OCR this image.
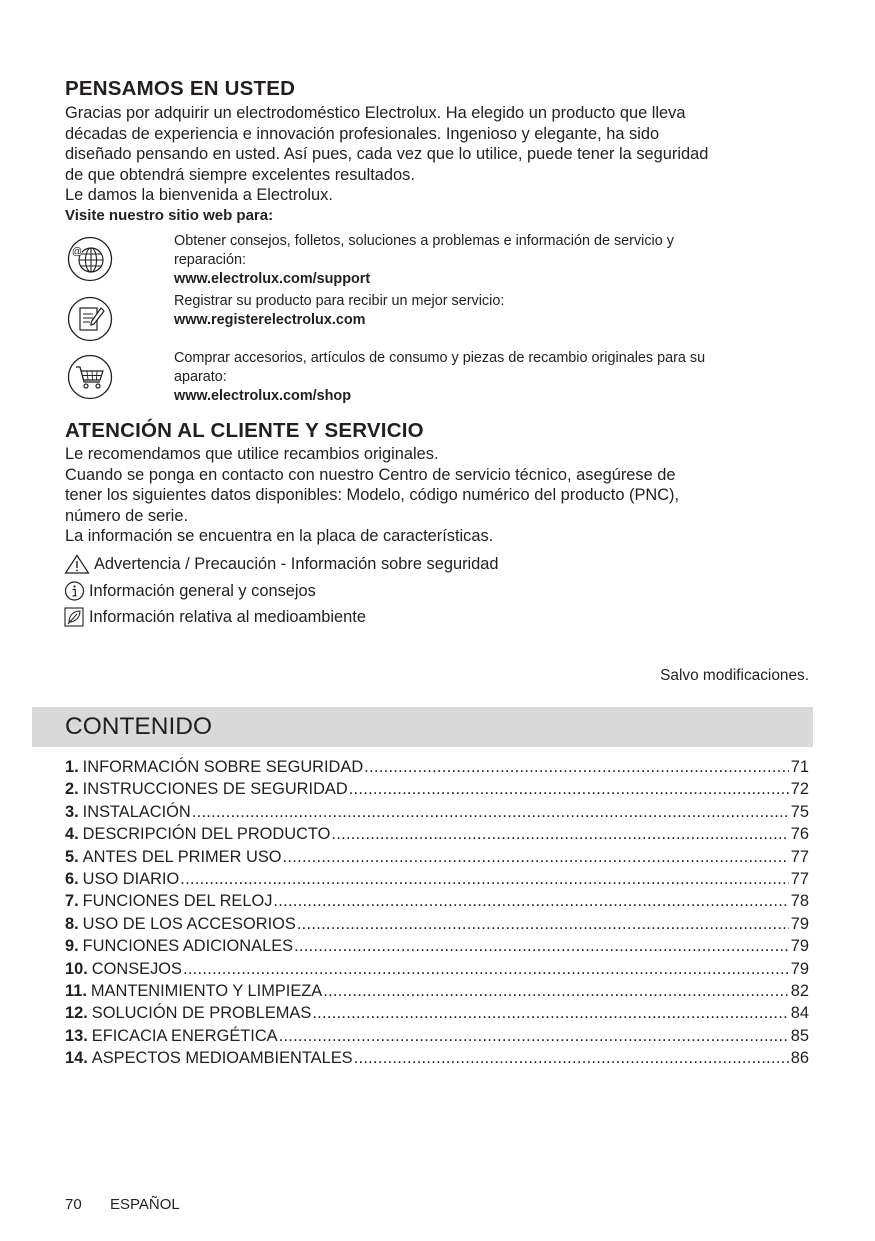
PENSAMOS EN USTED
Gracias por adquirir un electrodoméstico Electrolux. Ha elegido un producto que lleva
décadas de experiencia e innovación profesionales. Ingenioso y elegante, ha sido
diseñado pensando en usted. Así pues, cada vez que lo utilice, puede tener la seguridad
de que obtendrá siempre excelentes resultados.
Le damos la bienvenida a Electrolux.
Visite nuestro sitio web para:
@
Obtener consejos, folletos, soluciones a problemas e información de servicio y
reparación:
www.electrolux.com/support
Registrar su producto para recibir un mejor servicio:
www.registerelectrolux.com
Comprar accesorios, artículos de consumo y piezas de recambio originales para su
aparato:
www.electrolux.com/shop
ATENCIÓN AL CLIENTE Y SERVICIO
Le recomendamos que utilice recambios originales.
Cuando se ponga en contacto con nuestro Centro de servicio técnico, asegúrese de
tener los siguientes datos disponibles: Modelo, código numérico del producto (PNC),
número de serie.
La información se encuentra en la placa de características.
Advertencia / Precaución - Información sobre seguridad
Información general y consejos
Información relativa al medioambiente
Salvo modificaciones.
CONTENIDO
1. INFORMACIÓN SOBRE SEGURIDAD .....	71
2. INSTRUCCIONES DE SEGURIDAD .....	72
3. INSTALACIÓN .....	75
4. DESCRIPCIÓN DEL PRODUCTO .....	76
5. ANTES DEL PRIMER USO .....	77
6. USO DIARIO .....	77
7. FUNCIONES DEL RELOJ .....	78
8. USO DE LOS ACCESORIOS .....	79
9. FUNCIONES ADICIONALES .....	79
10. CONSEJOS .....	79
11. MANTENIMIENTO Y LIMPIEZA .....	82
12. SOLUCIÓN DE PROBLEMAS .....	84
13. EFICACIA ENERGÉTICA .....	85
14. ASPECTOS MEDIOAMBIENTALES .....	86
70 ESPAÑOL
